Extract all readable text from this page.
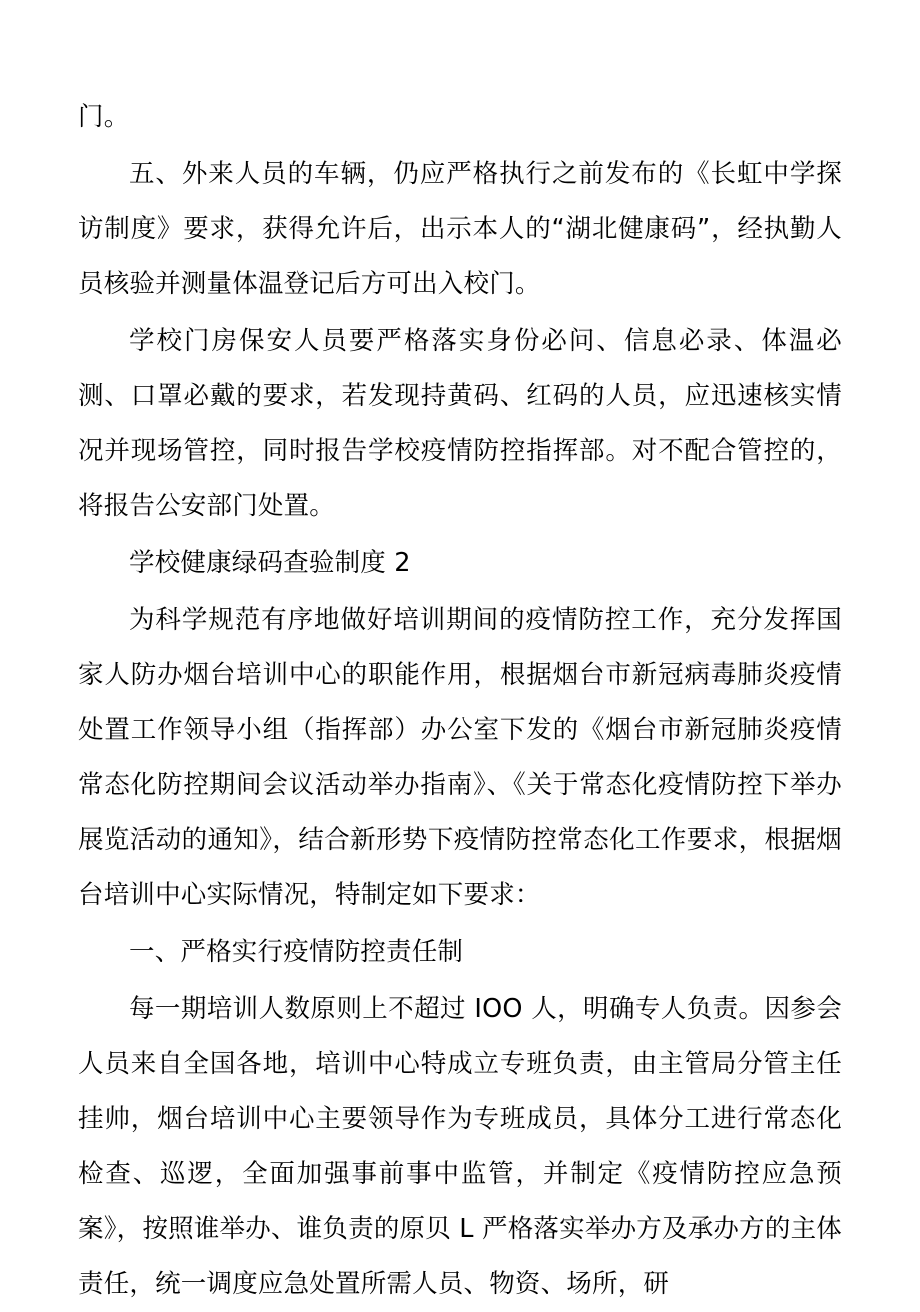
门。

五、外来人员的车辆，仍应严格执行之前发布的《长虹中学探访制度》要求，获得允许后，出示本人的“湖北健康码”，经执勤人员核验并测量体温登记后方可出入校门。

学校门房保安人员要严格落实身份必问、信息必录、体温必测、口罩必戴的要求，若发现持黄码、红码的人员，应迅速核实情况并现场管控，同时报告学校疫情防控指挥部。对不配合管控的，将报告公安部门处置。

学校健康绿码查验制度 2

为科学规范有序地做好培训期间的疫情防控工作，充分发挥国家人防办烟台培训中心的职能作用，根据烟台市新冠病毒肺炎疫情处置工作领导小组（指挥部）办公室下发的《烟台市新冠肺炎疫情常态化防控期间会议活动举办指南》、《关于常态化疫情防控下举办展览活动的通知》，结合新形势下疫情防控常态化工作要求，根据烟台培训中心实际情况，特制定如下要求：

一、严格实行疫情防控责任制

每一期培训人数原则上不超过 IOO 人，明确专人负责。因参会人员来自全国各地，培训中心特成立专班负责，由主管局分管主任挂帅，烟台培训中心主要领导作为专班成员，具体分工进行常态化检查、巡逻，全面加强事前事中监管，并制定《疫情防控应急预案》，按照谁举办、谁负责的原贝 L 严格落实举办方及承办方的主体责任，统一调度应急处置所需人员、物资、场所，研
